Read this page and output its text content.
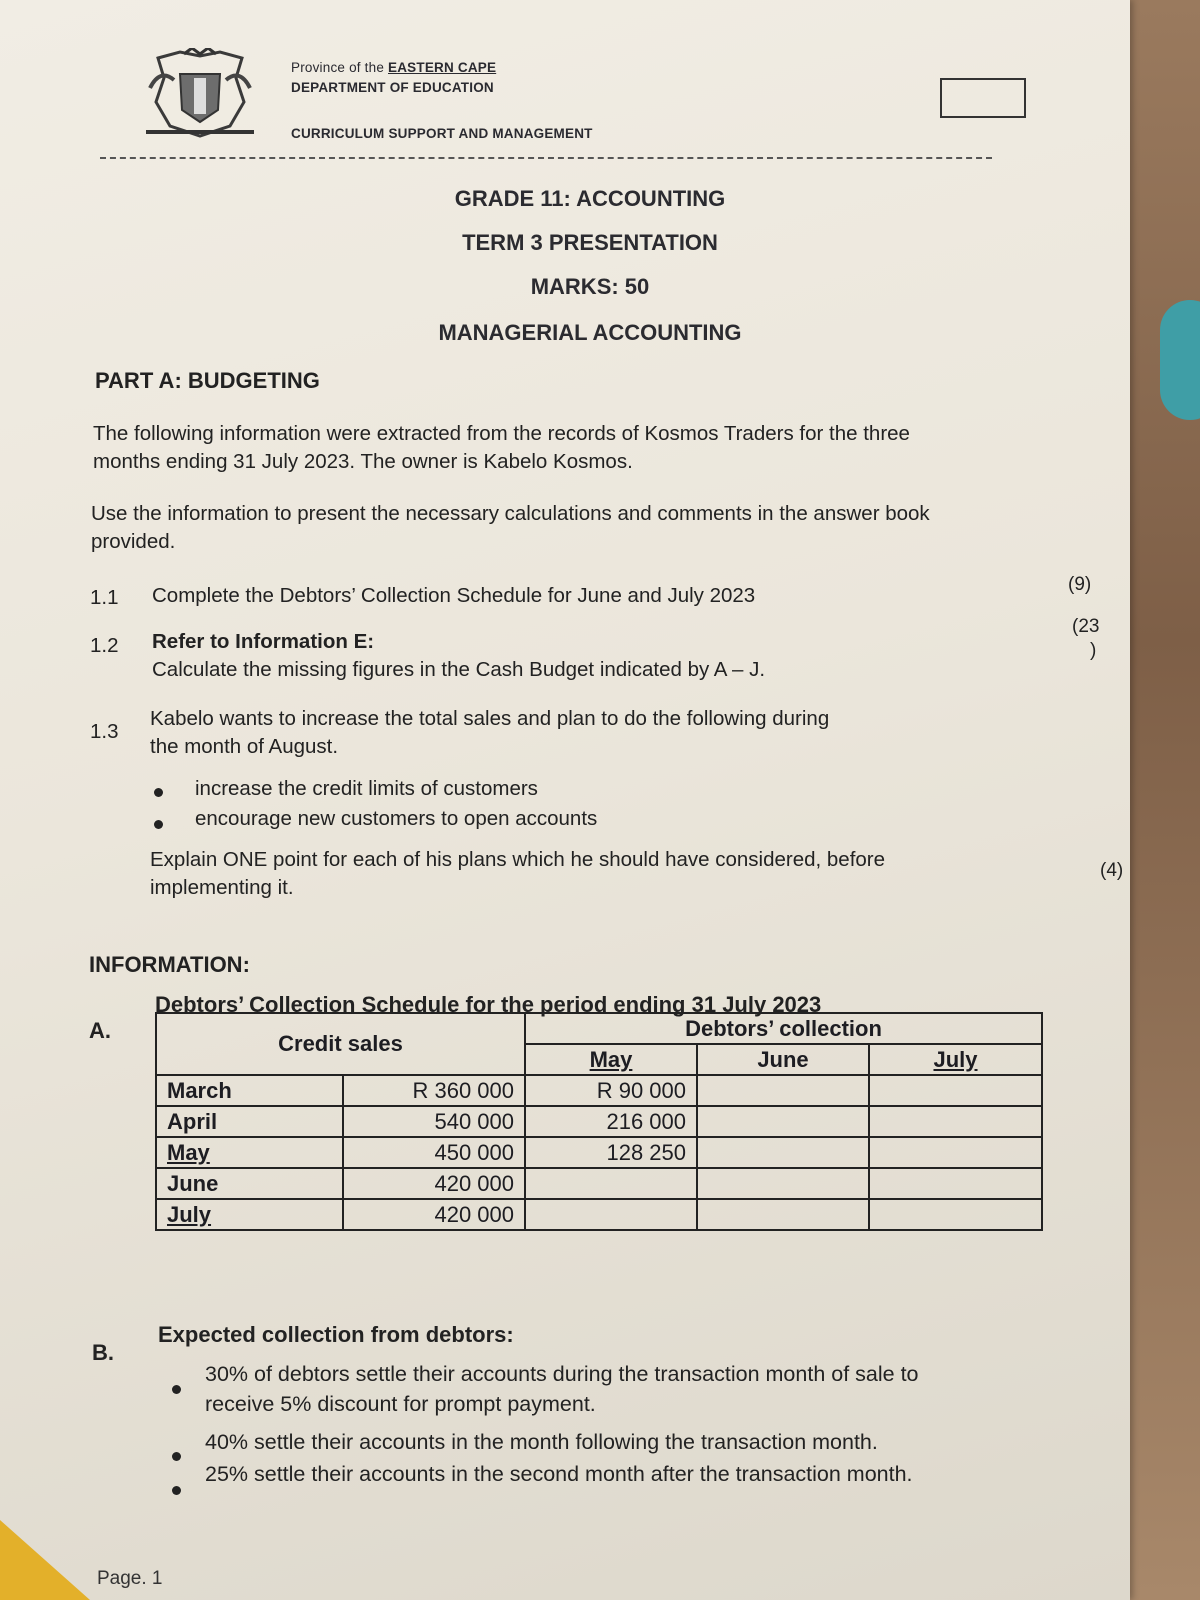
Province of the EASTERN CAPE
DEPARTMENT OF EDUCATION
CURRICULUM SUPPORT AND MANAGEMENT
GRADE 11: ACCOUNTING
TERM 3 PRESENTATION
MARKS: 50
MANAGERIAL ACCOUNTING
PART A: BUDGETING
The following information were extracted from the records of Kosmos Traders for the three
months ending 31 July 2023. The owner is Kabelo Kosmos.
Use the information to present the necessary calculations and comments in the answer book
provided.
1.1 Complete the Debtors’ Collection Schedule for June and July 2023	(9)
1.2 Refer to Information E:
Calculate the missing figures in the Cash Budget indicated by A – J.
(23
)
1.3
Kabelo wants to increase the total sales and plan to do the following during
the month of August.
increase the credit limits of customers
encourage new customers to open accounts
Explain ONE point for each of his plans which he should have considered, before
implementing it.
(4)
INFORMATION:
A.
Debtors’ Collection Schedule for the period ending 31 July 2023
Credit sales		Debtors’ collection		
		May	June	July
March	R 360 000	R 90 000		
April	540 000	216 000		
May	450 000	128 250		
June	420 000			
July	420 000			
B.
Expected collection from debtors:
30% of debtors settle their accounts during the transaction month of sale to
receive 5% discount for prompt payment.
40% settle their accounts in the month following the transaction month.
25% settle their accounts in the second month after the transaction month.
Page. 1
